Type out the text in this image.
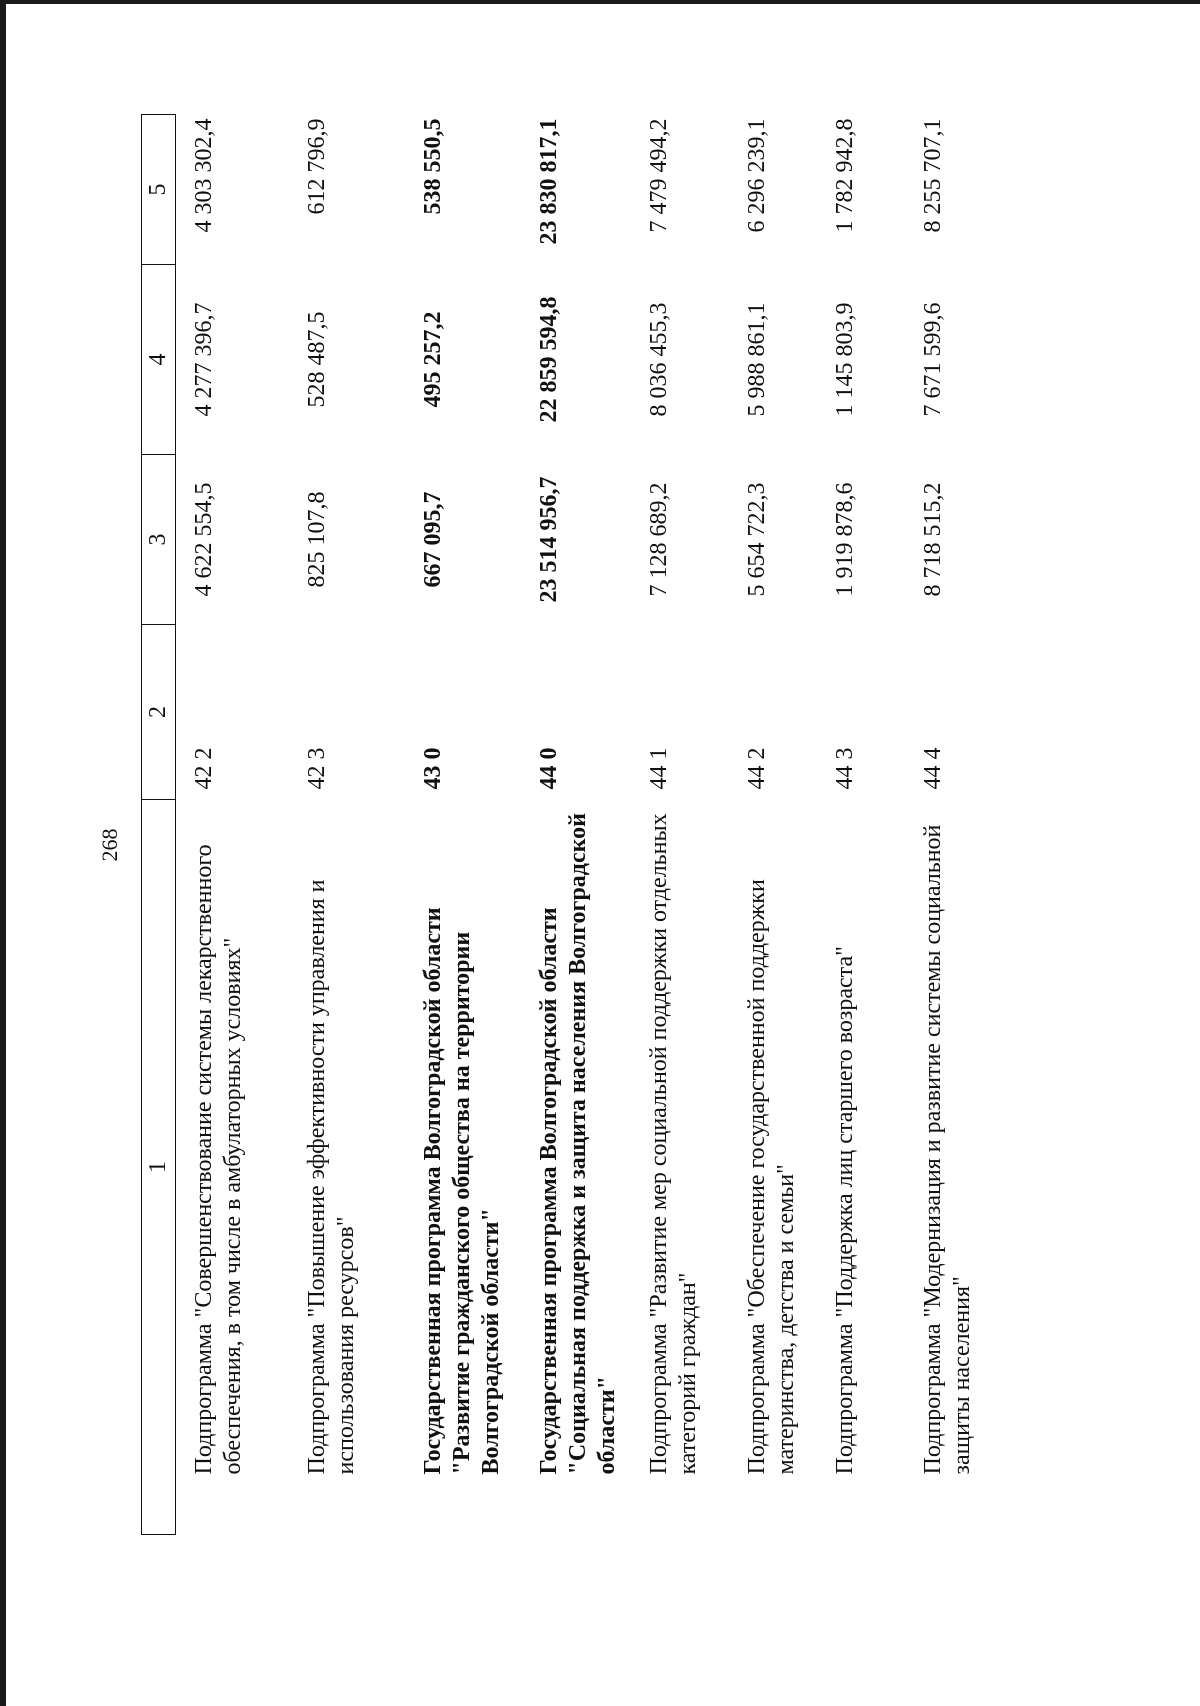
268
1	2	3	4	5
Подпрограмма "Совершенствование системы лекарственного обеспечения, в том числе в амбулаторных условиях"	42 2	4 622 554,5	4 277 396,7	4 303 302,4
Подпрограмма "Повышение эффективности управления и использования ресурсов"	42 3	825 107,8	528 487,5	612 796,9
Государственная программа Волгоградской области "Развитие гражданского общества на территории Волгоградской области"	43 0	667 095,7	495 257,2	538 550,5
Государственная программа Волгоградской области "Социальная поддержка и защита населения Волгоградской области"	44 0	23 514 956,7	22 859 594,8	23 830 817,1
Подпрограмма "Развитие мер социальной поддержки отдельных категорий граждан"	44 1	7 128 689,2	8 036 455,3	7 479 494,2
Подпрограмма "Обеспечение государственной поддержки материнства, детства и семьи"	44 2	5 654 722,3	5 988 861,1	6 296 239,1
Подпрограмма "Поддержка лиц старшего возраста"	44 3	1 919 878,6	1 145 803,9	1 782 942,8
Подпрограмма "Модернизация и развитие системы социальной защиты населения"	44 4	8 718 515,2	7 671 599,6	8 255 707,1
